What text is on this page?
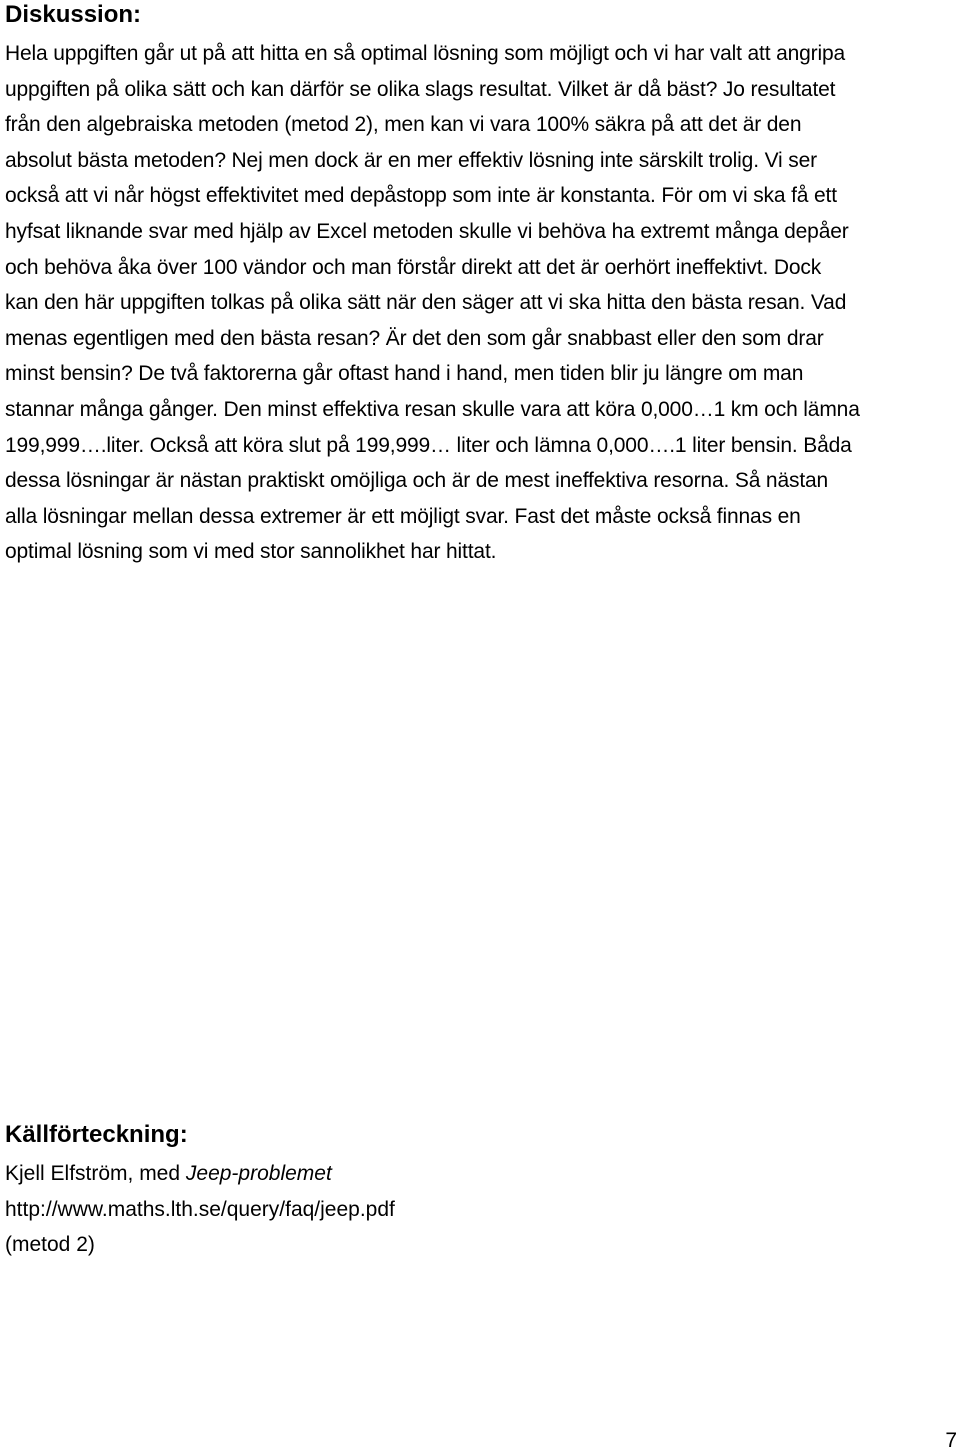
Diskussion:

Hela uppgiften går ut på att hitta en så optimal lösning som möjligt och vi har valt att angripa
uppgiften på olika sätt och kan därför se olika slags resultat. Vilket är då bäst? Jo resultatet
från den algebraiska metoden (metod 2), men kan vi vara 100% säkra på att det är den
absolut bästa metoden? Nej men dock är en mer effektiv lösning inte särskilt trolig. Vi ser
också att vi når högst effektivitet med depåstopp som inte är konstanta. För om vi ska få ett
hyfsat liknande svar med hjälp av Excel metoden skulle vi behöva ha extremt många depåer
och behöva åka över 100 vändor och man förstår direkt att det är oerhört ineffektivt. Dock
kan den här uppgiften tolkas på olika sätt när den säger att vi ska hitta den bästa resan. Vad
menas egentligen med den bästa resan? Är det den som går snabbast eller den som drar
minst bensin? De två faktorerna går oftast hand i hand, men tiden blir ju längre om man
stannar många gånger. Den minst effektiva resan skulle vara att köra 0,000…1 km och lämna
199,999….liter. Också att köra slut på 199,999… liter och lämna 0,000….1 liter bensin. Båda
dessa lösningar är nästan praktiskt omöjliga och är de mest ineffektiva resorna. Så nästan
alla lösningar mellan dessa extremer är ett möjligt svar. Fast det måste också finnas en
optimal lösning som vi med stor sannolikhet har hittat.

Källförteckning:
Kjell Elfström, med Jeep-problemet
http://www.maths.lth.se/query/faq/jeep.pdf
(metod 2)
7
